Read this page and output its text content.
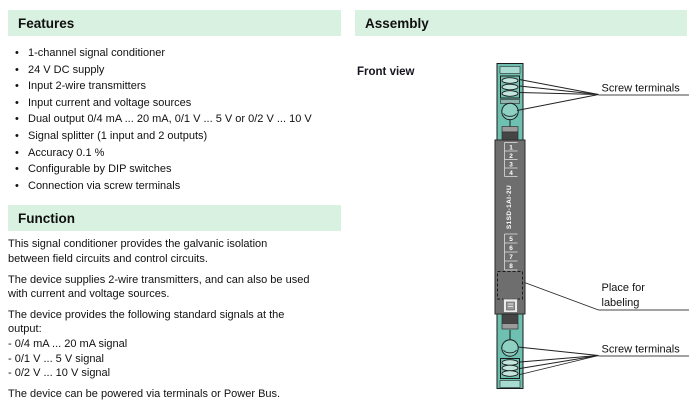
Features
• 1-channel signal conditioner
• 24 V DC supply
• Input 2-wire transmitters
• Input current and voltage sources
• Dual output 0/4 mA ... 20 mA, 0/1 V ... 5 V or 0/2 V ... 10 V
• Signal splitter (1 input and 2 outputs)
• Accuracy 0.1 %
• Configurable by DIP switches
• Connection via screw terminals
Function
This signal conditioner provides the galvanic isolation
between field circuits and control circuits.
The device supplies 2-wire transmitters, and can also be used
with current and voltage sources.
The device provides the following standard signals at the
output:
- 0/4 mA ... 20 mA signal
- 0/1 V ... 5 V signal
- 0/2 V ... 10 V signal
The device can be powered via terminals or Power Bus.
Assembly
Front view
1
2
3
4
S1SD-1AI-2U
5
6
7
8
Screw terminals
Place for
labeling
Screw terminals
